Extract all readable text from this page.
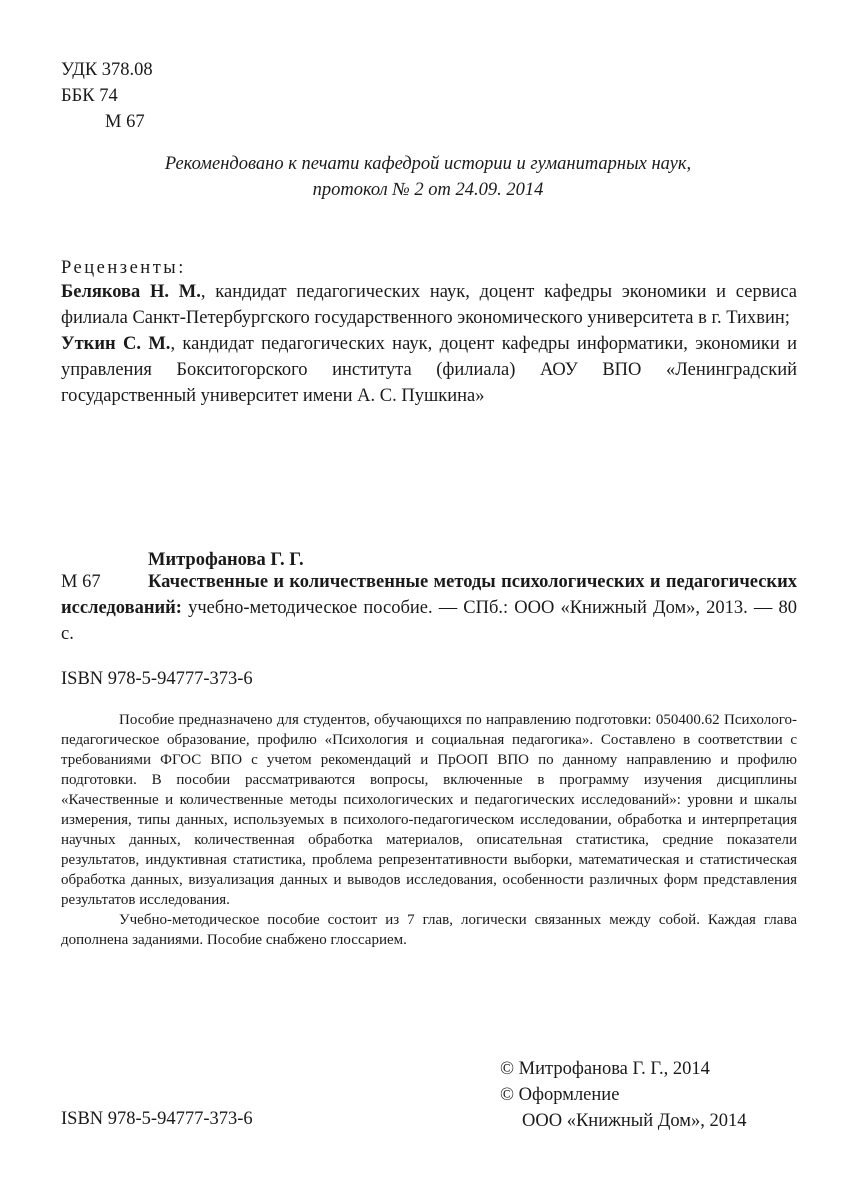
УДК 378.08
ББК 74
М 67
Рекомендовано к печати кафедрой истории и гуманитарных наук,
протокол № 2 от 24.09. 2014
Рецензенты:
Белякова Н. М., кандидат педагогических наук, доцент кафедры экономики и сервиса филиала Санкт-Петербургского государственного экономического университета в г. Тихвин;
Уткин С. М., кандидат педагогических наук, доцент кафедры информатики, экономики и управления Бокситогорского института (филиала) АОУ ВПО «Ленинградский государственный университет имени А. С. Пушкина»
Митрофанова Г. Г.
М 67	Качественные и количественные методы психологических и педагогических исследований: учебно-методическое пособие. — СПб.: ООО «Книжный Дом», 2013. — 80 с.
ISBN 978-5-94777-373-6

Пособие предназначено для студентов, обучающихся по направлению подготовки: 050400.62 Психолого-педагогическое образование, профилю «Психология и социальная педагогика». Составлено в соответствии с требованиями ФГОС ВПО с учетом рекомендаций и ПрООП ВПО по данному направлению и профилю подготовки. В пособии рассматриваются вопросы, включенные в программу изучения дисциплины «Качественные и количественные методы психологических и педагогических исследований»: уровни и шкалы измерения, типы данных, используемых в психолого-педагогическом исследовании, обработка и интерпретация научных данных, количественная обработка материалов, описательная статистика, средние показатели результатов, индуктивная статистика, проблема репрезентативности выборки, математическая и статистическая обработка данных, визуализация данных и выводов исследования, особенности различных форм представления результатов исследования.

Учебно-методическое пособие состоит из 7 глав, логически связанных между собой. Каждая глава дополнена заданиями. Пособие снабжено глоссарием.

© Митрофанова Г. Г., 2014
© Оформление
ООО «Книжный Дом», 2014
ISBN 978-5-94777-373-6
